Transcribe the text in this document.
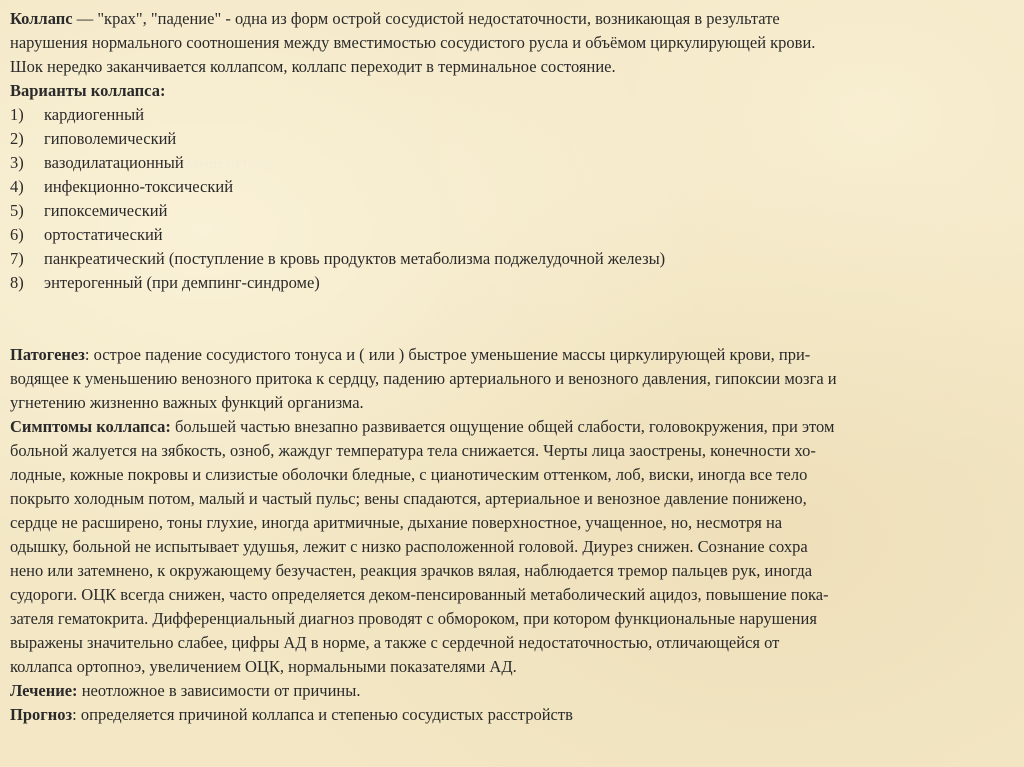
Коллапс — "крах", "падение" - одна из форм острой сосудистой недостаточности, возникающая в результате
нарушения нормального соотношения между вместимостью сосудистого русла и объёмом циркулирующей крови.
Шок нередко заканчивается коллапсом, коллапс переходит в терминальное состояние.

Варианты коллапса:

1) кардиогенный
2) гиповолемический
3) вазодилатационный MedicalPlanet
4) инфекционно-токсический
5) гипоксемический
6) ортостатический
7) панкреатический (поступление в кровь продуктов метаболизма поджелудочной железы)
8) энтерогенный (при демпинг-синдроме)

Патогенез: острое падение сосудистого тонуса и ( или ) быстрое уменьшение массы циркулирующей крови, при-
водящее к уменьшению венозного притока к сердцу, падению артериального и венозного давления, гипоксии мозга и
угнетению жизненно важных функций организма.

Симптомы коллапса: большей частью внезапно развивается ощущение общей слабости, головокружения, при этом
больной жалуется на зябкость, озноб, жаждуг температура тела снижается. Черты лица заострены, конечности хо-
лодные, кожные покровы и слизистые оболочки бледные, с цианотическим оттенком, лоб, виски, иногда все тело
покрыто холодным потом, малый и частый пульс; вены спадаются, артериальное и венозное давление понижено,
сердце не расширено, тоны глухие, иногда аритмичные, дыхание поверхностное, учащенное, но, несмотря на
одышку, больной не испытывает удушья, лежит с низко расположенной головой. Диурез снижен. Сознание сохра
нено или затемнено, к окружающему безучастен, реакция зрачков вялая, наблюдается тремор пальцев рук, иногда
судороги. ОЦК всегда снижен, часто определяется деком-пенсированный метаболический ацидоз, повышение пока-
зателя гематокрита. Дифференциальный диагноз проводят с обмороком, при котором функциональные нарушения
выражены значительно слабее, цифры АД в норме, а также с сердечной недостаточностью, отличающейся от
коллапса ортопноэ, увеличением ОЦК, нормальными показателями АД.

Лечение: неотложное в зависимости от причины.

Прогноз: определяется причиной коллапса и степенью сосудистых расстройств
